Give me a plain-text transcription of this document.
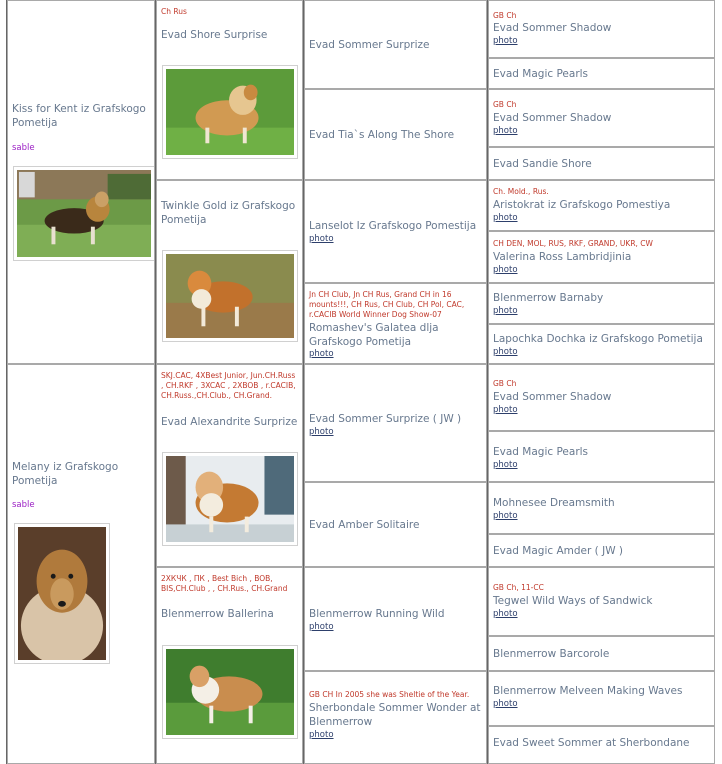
Kiss for Kent iz Grafskogo Pometija
sable
Melany iz Grafskogo Pometija
sable
Ch Rus
Evad Shore Surprise
Twinkle Gold iz Grafskogo Pometija
SKJ.CAC, 4XBest Junior, Jun.CH.Russ , CH.RKF , 3XCAC , 2XBOB , r.CACIB, CH.Russ.,CH.Club., CH.Grand.
Evad Alexandrite Surprize
2XКЧК , ПК , Best Bich , BOB, BIS,CH.Club , , CH.Rus., CH.Grand
Blenmerrow Ballerina
Evad Sommer Surprize
Evad Tia`s Along The Shore
Lanselot Iz Grafskogo Pomestija
photo
Jn CH Club, Jn CH Rus, Grand CH in 16 mounts!!!, CH Rus, CH Club, CH Pol, CAC, r.CACIB World Winner Dog Show-07
Romashev's Galatea dlja Grafskogo Pometija
photo
Evad Sommer Surprize ( JW )
photo
Evad Amber Solitaire
Blenmerrow Running Wild
photo
GB CH In 2005 she was Sheltie of the Year.
Sherbondale Sommer Wonder at Blenmerrow
photo
GB Ch
Evad Sommer Shadow
photo
Evad Magic Pearls
GB Ch
Evad Sommer Shadow
photo
Evad Sandie Shore
Ch. Mold., Rus.
Aristokrat iz Grafskogo Pomestiya
photo
CH DEN, MOL, RUS, RKF, GRAND, UKR, CW
Valerina Ross Lambridjinia
photo
Blenmerrow Barnaby
photo
Lapochka Dochka iz Grafskogo Pometija
photo
GB Ch
Evad Sommer Shadow
photo
Evad Magic Pearls
photo
Mohnesee Dreamsmith
photo
Evad Magic Amder ( JW )
GB Ch, 11-CC
Tegwel Wild Ways of Sandwick
photo
Blenmerrow Barcorole
Blenmerrow Melveen Making Waves
photo
Evad Sweet Sommer at Sherbondane
